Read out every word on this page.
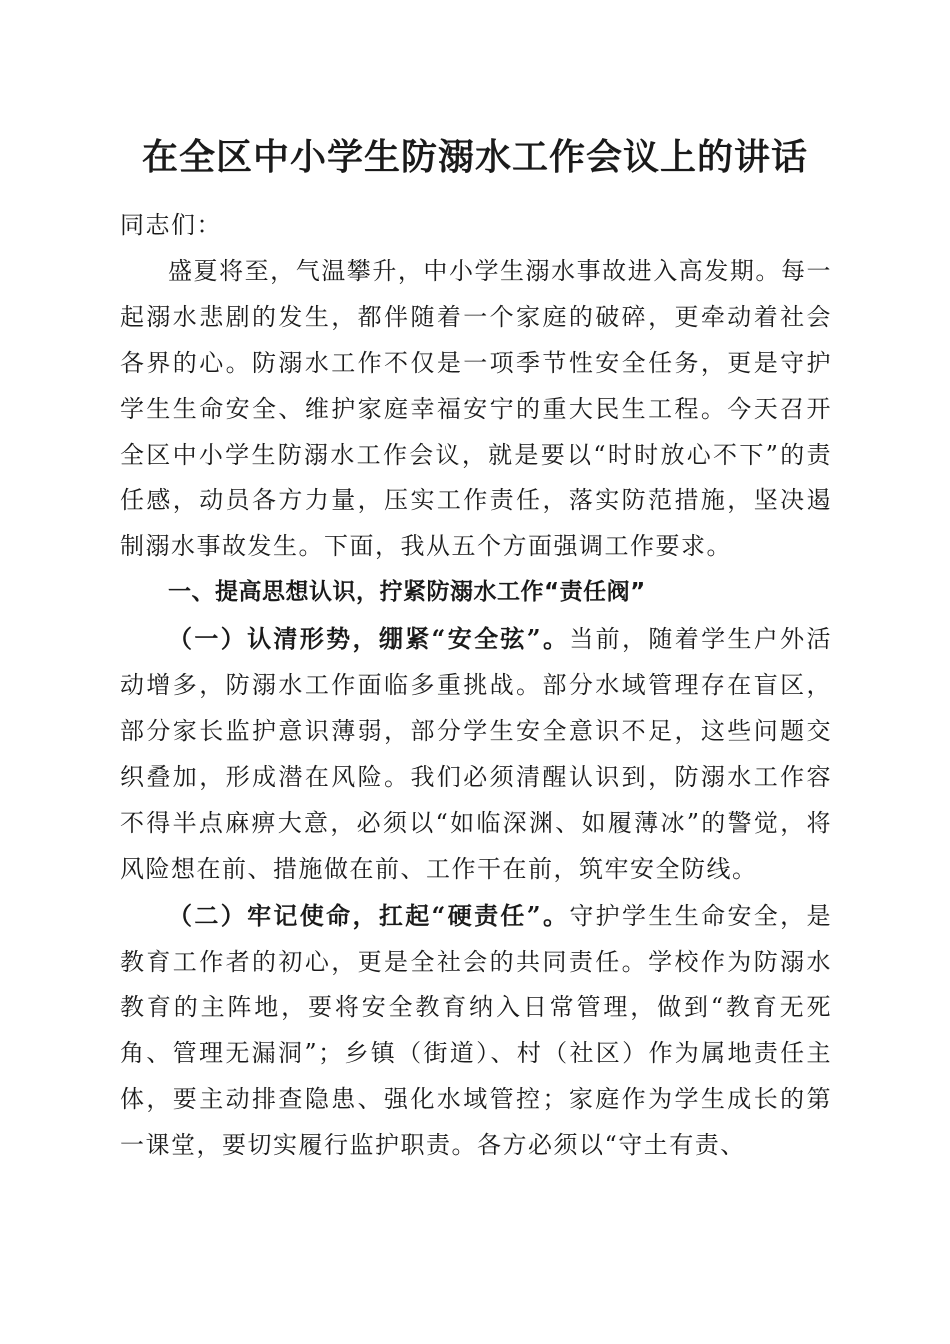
在全区中小学生防溺水工作会议上的讲话

同志们：

盛夏将至，气温攀升，中小学生溺水事故进入高发期。每一起溺水悲剧的发生，都伴随着一个家庭的破碎，更牵动着社会各界的心。防溺水工作不仅是一项季节性安全任务，更是守护学生生命安全、维护家庭幸福安宁的重大民生工程。今天召开全区中小学生防溺水工作会议，就是要以“时时放心不下”的责任感，动员各方力量，压实工作责任，落实防范措施，坚决遏制溺水事故发生。下面，我从五个方面强调工作要求。

一、提高思想认识，拧紧防溺水工作“责任阀”

（一）认清形势，绷紧“安全弦”。当前，随着学生户外活动增多，防溺水工作面临多重挑战。部分水域管理存在盲区，部分家长监护意识薄弱，部分学生安全意识不足，这些问题交织叠加，形成潜在风险。我们必须清醒认识到，防溺水工作容不得半点麻痹大意，必须以“如临深渊、如履薄冰”的警觉，将风险想在前、措施做在前、工作干在前，筑牢安全防线。

（二）牢记使命，扛起“硬责任”。守护学生生命安全，是教育工作者的初心，更是全社会的共同责任。学校作为防溺水教育的主阵地，要将安全教育纳入日常管理，做到“教育无死角、管理无漏洞”；乡镇（街道）、村（社区）作为属地责任主体，要主动排查隐患、强化水域管控；家庭作为学生成长的第一课堂，要切实履行监护职责。各方必须以“守土有责、
